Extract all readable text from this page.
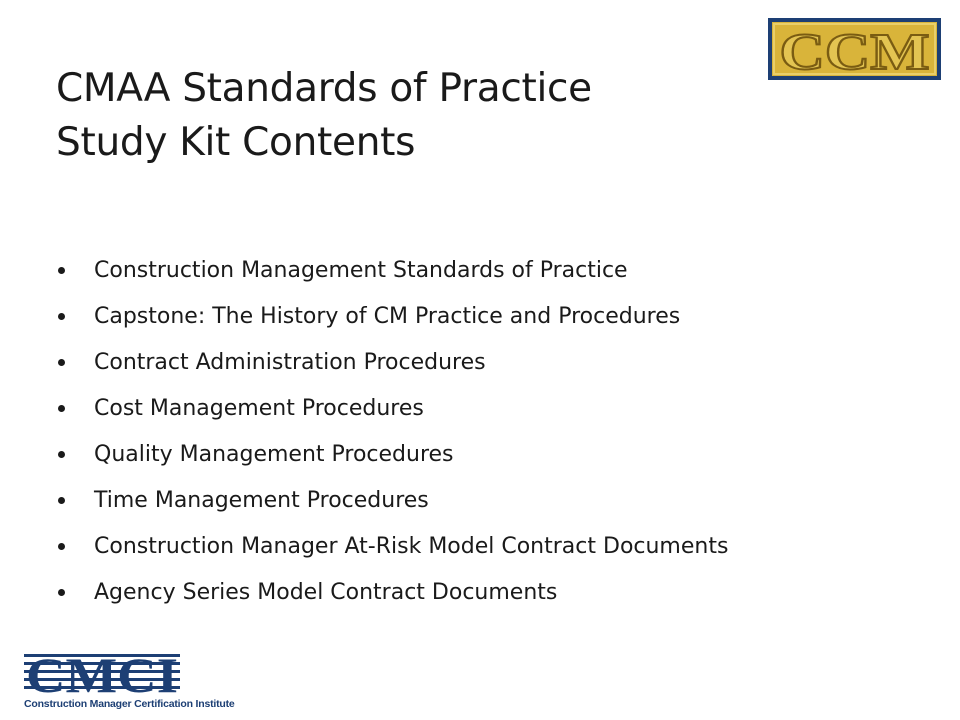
CMAA Standards of Practice
Study Kit Contents
CCM
Construction Management Standards of Practice
Capstone: The History of CM Practice and Procedures
Contract Administration Procedures
Cost Management Procedures
Quality Management Procedures
Time Management Procedures
Construction Manager At-Risk Model Contract Documents
Agency Series Model Contract Documents
CMCI
Construction Manager Certification Institute
